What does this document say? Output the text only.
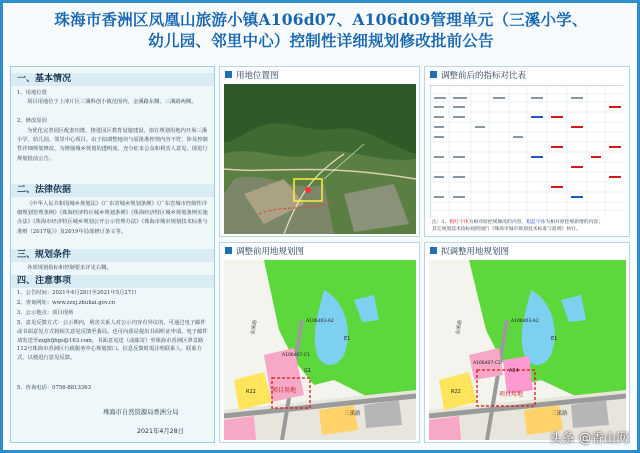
珠海市香洲区凤凰山旅游小镇A106d07、A106d09管理单元（三溪小学、
幼儿园、邻里中心）控制性详细规划修改批前公告
一、基本情况
1、用地位置
项目用地位于上冲片区三溪科创小镇范围内，金溪路东侧、三溪路两侧。
2、修改原因
为优化完善园区配套功能，推进园区教育设施建设，拟在规划用地内开展三溪小学、幼儿园、邻里中心项目。由于拟调整地块与原批准控规内容不符，涉及控制性详细规划修改，为增强城乡规划的透明度，充分征求公众和利害人意见，现进行规划批前公告。
二、法律依据
《中华人民共和国城乡规划法》《广东省城乡规划条例》《广东省城市控制性详细规划管理条例》《珠海经济特区城乡规划条例》《珠海经济特区城乡规划条例实施办法》《珠海市经济特区城乡规划公开公示管理办法》《珠海市城市规划技术标准与准则（2017版）》及2019年局部修订条文等。
三、规划条件
各项规划指标和控制要求详见右侧。
四、注意事项
1、公告时间：2021年4月28日至2021年5月27日
2、查询网址：www.zzxj.zhuhai.gov.cn
3、公示地点：项目现场
5、意见反馈方式：公示期内，利害关系人对公示内容有异议的，可通过电子邮件或书面意见方式将相关意见反馈至我局。也可向我局提出书面听证申请。电子邮件请发送至zzghfjbgs@163.com，书面意见送（或邮寄）至珠海市香洲区翠景路112号珠海市香洲区行政服务中心规划窗口。信息反馈时需注明联系人、联系方式，以便进行意见反馈。
5、咨询电话：0756-8813363
珠海市自然资源局香洲分局
2021年4月28日
用地位置图	调整前后的指标对比表
注：1、粗红字体为相对原控规修改的内容，粗蓝字体为相对原控规新增的内容；
其它规划技术指标按照现行《珠海市城市规划技术标准与准则》执行。
调整前用地规划图
项目用地
三溪路
金溪路	A106d03-A2
A106d07-C1
E1
R22
G1
拟调整用地规划图
项目用地
三溪路
金溪路	A106d03-A2
A106d07-C2
A34
E1
R22
头条 @香山网
